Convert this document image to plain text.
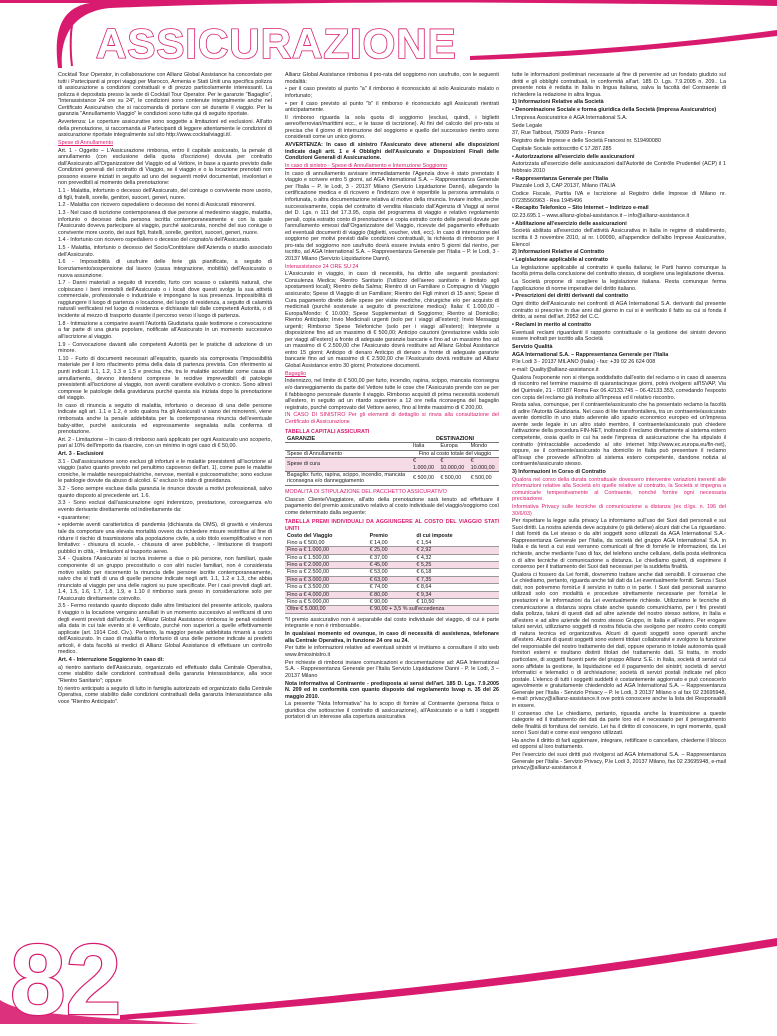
ASSICURAZIONE

Cocktail Tour Operator, in collaborazione con Allianz Global Assistance ha concordato per tutti i Partecipanti ai propri viaggi per Marocco, Armenia e Stati Uniti una specifica polizza di assicurazione a condizioni contrattuali e di prezzo particolarmente interessanti. La polizza è depositata presso la sede di Cocktail Tour Operator. Per le garanzie "Bagaglio", "Interassistance 24 ore su 24", le condizioni sono contenute integralmente anche nel Certificato Assicurativo che si raccomanda di portare con sé durante il viaggio. Per la garanzia "Annullamento Viaggio" le condizioni sono tutte qui di seguito riportate.

Avvertenza: Le coperture assicurative sono soggette a limitazioni ed esclusioni. All'atto della prenotazione, si raccomanda ai Partecipanti di leggere attentamente le condizioni di assicurazione riportate integralmente sul sito http://www.cocktailviaggi.it/.

Spese di Annullamento

Art. 1 - Oggetto – L'Assicurazione rimborsa, entro il capitale assicurato, la penale di annullamento (con esclusione della quota d'iscrizione) dovuta per contratto dall'Assicurato all'Organizzatore del Viaggio od al Vettore, in base a quanto previsto dalle Condizioni generali del contratto di Viaggio, se il viaggio e o la locazione prenotati non possono essere iniziati in seguito ad uno dei seguenti motivi documentati, involontari e non prevedibili al momento della prenotazione:

1.1 - Malattia, infortunio o decesso dell'Assicurato, del coniuge o convivente more uxorio, di figli, fratelli, sorelle, genitori, suoceri, generi, nuore.

1.2 - Malattia con ricovero ospedaliero o decesso dei nonni di Assicurati minorenni.

1.3 - Nel caso di iscrizione contemporanea di due persone al medesimo viaggio, malattia, infortunio o decesso della persona iscritta contemporaneamente e con la quale l'Assicurato doveva partecipare al viaggio, purché assicurata, nonché del suo coniuge o convivente more uxorio, dei suoi figli, fratelli, sorelle, genitori, suoceri, generi, nuore.

1.4 - Infortunio con ricovero ospedaliero o decesso del cognato/a dell'Assicurato.

1.5 - Malattia, infortunio o decesso del Socio/Contitolare dell'Azienda o studio associato dell'Assicurato.

1.6 - Impossibilità di usufruire delle ferie già pianificate, a seguito di licenziamento/sospensione dal lavoro (cassa integrazione, mobilità) dell'Assicurato o nuova assunzione.

1.7 - Danni materiali a seguito di incendio, furto con scasso o calamità naturali, che colpiscano i beni immobili dell'Assicurato o i locali dove questi svolge la sua attività commerciale, professionale o industriale e impongano la sua presenza. Impossibilità di raggiungere il luogo di partenza o locazione, del luogo di residenza, a seguito di calamità naturali verificatesi nel luogo di residenza e dichiarate tali dalle competenti Autorità, o di incidente al mezzo di trasporto durante il percorso verso il luogo di partenza.

1.8 - Intimazione a comparire avanti l'Autorità Giudiziaria quale testimone o convocazione a far parte di una giuria popolare, notificate all'Assicurato in un momento successivo all'iscrizione al viaggio.

1.9 - Convocazione davanti alle competenti Autorità per le pratiche di adozione di un minore.

1.10 - Furto di documenti necessari all'espatrio, quando sia comprovata l'impossibilità materiale per il loro rifacimento prima della data di partenza prevista. Con riferimento ai punti indicati 1.1, 1.2, 1.3 e 1.5 e precisa che, tra le malattie accettate come causa di annullamento, devono intendersi comprese le recidive imprevedibili di patologie preesistenti all'iscrizione al viaggio, non aventi carattere evolutivo o cronico. Sono altresì comprese le patologie della gravidanza purché questa sia iniziata dopo la prenotazione del viaggio.

In caso di rinuncia a seguito di malattia, infortunio o decesso di una delle persone indicate agli art. 1.1 e 1.2, è solo qualora fra gli Assicurati vi siano dei minorenni, viene rimborsata anche la penale addebitata per la contemporanea rinuncia dell'eventuale baby-sitter, purché assicurata ed espressamente segnalata sulla conferma di prenotazione.

Art. 2 - Limitazione – In caso di rimborso sarà applicato per ogni Assicurato uno scoperto, pari al 10% dell'importo da risarcire, con un minimo in ogni caso di € 50,00.

Art. 3 - Esclusioni

3.1 - Dall'assicurazione sono esclusi gli infortuni e le malattie preesistenti all'iscrizione al viaggio (salvo quanto previsto nel penultimo capoverso dell'art. 1), come pure le malattie croniche, le malattie neuropsichiatriche, nervose, mentali e psicosomatiche; sono escluse le patologie dovute da abuso di alcolici. E' escluso lo stato di gravidanza.

3.2 - Sono sempre escluse dalla garanzia le rinunce dovute a motivi professionali, salvo quanto disposto al precedente art. 1.6.

3.3 - Sono esclusi dall'assicurazione ogni indennizzo, prestazione, conseguenza e/o evento derivante direttamente od indirettamente da:

• quarantene;

• epidemie aventi caratteristica di pandemia (dichiarata da OMS), di gravità e virulenza tale da comportare una elevata mortalità ovvero da richiedere misure restrittive al fine di ridurre il rischio di trasmissione alla popolazione civile, a solo titolo esemplificativo e non limitativo: - chiusura di scuole, - chiusura di aree pubbliche, - limitazione di trasporti pubblici in città, - limitazioni al trasporto aereo.

3.4 - Qualora l'Assicurato si iscriva insieme a due o più persone, non familiari, quale componente di un gruppo precostituito o con altri nuclei familiari, non è considerata motivo valido per riscernento la rinuncia delle persone iscritte contemporaneamente, salvo che si tratti di una di quelle persone indicate negli artt. 1.1, 1.2 e 1.3, che abbia rinunciato al viaggio per una delle ragioni su pure specificate. Per i casi previsti dagli art. 1.4, 1.5, 1.6, 1.7, 1.8, 1.9, e 1.10 il rimborso sarà preso in considerazione solo per l'Assicurato direttamente coinvolto.

3.5 - Fermo restando quanto disposto dalle altre limitazioni del presente articolo, qualora il viaggio o la locazione vengano annullati in un momento successivo al verificarsi di uno degli eventi previsti dall'articolo 1, Allianz Global Assistance rimborsa le penali esistenti alla data in cui tale evento si è verificato, purché non superiori a quelle effettivamente applicate (art. 1914 Cod. Civ.). Pertanto, la maggior penale addebitata rimarrà a carico dell'Assicurato. In caso di malattia o infortunio di una delle persone indicate ai predetti articoli, è data facoltà ai medici di Allianz Global Assistance di effettuare un controllo medico.

Art. 4 - Interruzione Soggiorno In caso di:

a) rientro sanitario dell'Assicurato, organizzato ed effettuato dalla Centrale Operativa, come stabilito dalle condizioni contrattuali della garanzia Interassistance, alla voce "Rientro Sanitario"; oppure

b) rientro anticipato a seguito di lutto in famiglia autorizzato ed organizzato dalla Centrale Operativa, come stabilito dalle condizioni contrattuali della garanzia Interassistance alla voce "Rientro Anticipato".

Allianz Global Assistance rimborsa il pro-rata del soggiorno non usufruito, con le seguenti modalità:

• per il caso previsto al punto "a" il rimborso è riconosciuto al solo Assicurato malato o infortunato;

• per il caso previsto al punto "b" il rimborso è riconosciuto agli Assicurati rientrati anticipatamente.

Il rimborso riguarda la sola quota di soggiorno (esclusi, quindi, i biglietti aereo/ferroviari/marittimi ecc., e le tasse di iscrizione). Ai fini del calcolo del pro-rata si precisa che il giorno di interruzione del soggiorno e quello del successivo rientro sono considerati come un unico giorno.

AVVERTENZA: In caso di sinistro l'Assicurato deve attenersi alle disposizioni indicate dagli artt. 1 e 4 Obblighi dell'Assicurato e Disposizioni Finali delle Condizioni Generali di Assicurazione.

In caso di sinistro - Spese di Annullamento e Interruzione Soggiorno

In caso di annullamento avvisare immediatamente l'Agenzia dove è stato prenotato il viaggio e scrivere entro 5 giorni, ad AGA International S.A. – Rappresentanza Generale per l'Italia – P. le Lodi, 3 - 20137 Milano (Servizio Liquidazione Danni), allegando la certificazione medica e di ricovero e l'indirizzo ove è reperibile la persona ammalata o infortunata, o altra documentazione relativa al motivo della rinuncia. Inviare inoltre, anche successivamente, copia del contratto di vendita rilasciato dall'Agenzia di Viaggi ai sensi del D. Lgs. n 111 del 17.3.95, copia del programma di viaggio e relativo regolamento penali, copia estratto conto di prenotazione e copia estratto conto delle penali dovute per l'annullamento emessi dall'Organizzatore del Viaggio, ricevute del pagamento effettuato ed eventuali documenti di viaggio (biglietti, voucher, visti, ecc). In caso di interruzione del soggiorno per motivi previsti dalle condizioni contrattuali, la richiesta di rimborso per il pro-rata del soggiorno non usufruito dovrà essere inviata entro 5 giorni dal rientro, per iscritto, ad AGA International S.A. – Rappresentanza Generale per l'Italia – P. le Lodi, 3 - 20137 Milano (Servizio Liquidazione Danni).

Interassistance 24 ORE SU 24

L'Assicurato in viaggio, in caso di necessità, ha diritto alle seguenti prestazioni: Consulenza Medica; Rientro Sanitario (l'utilizzo dell'aereo sanitario è limitato agli spostamenti locali); Rientro della Salma; Rientro di un Familiare o Compagno di Viaggio assicurato; Spese di Viaggio di un Familiare; Rientro dei Figli minori di 15 anni; Spese di Cura pagamento diretto delle spese per visite mediche, chirurgiche e/o per acquisto di medicinali (purché sostenute a seguito di prescrizione medica): Italia: € 1.000,00 - Europa/Mondo: € 10.000; Spese Supplementari di Soggiorno; Rientro al Domicilio; Rientro Anticipato; Invio Medicinali urgenti (solo per i viaggi all'estero); Invio Messaggi urgenti; Rimborso Spese Telefoniche (solo per i viaggi all'estero); Interprete a disposizione fino ad un massimo di € 500,00; Anticipo cauzioni (prestazione valida solo per viaggi all'estero) a fronte di adeguate garanzie bancarie e fino ad un massimo fino ad un massimo di € 2.500,00 che l'Assicurato dovrà restituire ad Allianz Global Assistance entro 15 giorni; Anticipo di denaro Anticipo di denaro a fronte di adeguate garanzie bancarie fino ad un massimo di € 2.500,00 che l'Assicurato dovrà restituire ad Allianz Global Assistance entro 30 giorni; Protezione documenti.

Bagaglio

Indennizzo, nel limite di € 500,00 per furto, incendio, rapina, scippo, mancata riconsegna e/o danneggiamento da parte del Vettore tutte le cose che l'Assicurato prende con se per il fabbisogno personale durante il viaggio. Rimborso acquisti di prima necessità sostenuti all'estero, in seguito ad un ritardo superiore a 12 ore nella riconsegna del bagaglio registrato, purché comprovato del Vettore aereo, fino al limite massimo di € 200,00.

IN CASO DI SINISTRO Per gli elementi di dettaglio si rinvia alla consultazione del Certificato di Assicurazione

TABELLA CAPITALI ASSICURATI
GARANZIE	DESTINAZIONI		
	Italia	Europa	Mondo
Spese di Annullamento	Fino al costo totale del viaggio		
Spese di cura	€ 1.000,00	€ 10.000,00	€ 10.000,00
Bagaglio: furto, rapina, scippo, incendio, mancata riconsegna e/o danneggiamento	€ 500,00	€ 500,00	€ 500,00

MODALITÀ DI STIPULAZIONE DEL PACCHETTO ASSICURATIVO

Ciascun Cliente/Viaggiatore, all'atto della prenotazione sarà tenuto ad effettuare il pagamento del premio assicurativo relativo al costo individuale del viaggio/soggiorno così come determinato dalla seguente:

TABELLA PREMI INDIVIDUALI DA AGGIUNGERE AL COSTO DEL VIAGGIO STATI UNITI
Costo del Viaggio	Premio	di cui imposte
Fino a € 500,00	€ 14,00	€ 1,54
Fino a € 1.000,00	€ 25,00	€ 2,92
Fino a € 1.500,00	€ 37,00	€ 4,32
Fino a € 2.000,00	€ 45,00	€ 5,25
Fino a € 2.500,00	€ 53,00	€ 6,18
Fino a € 3.000,00	€ 63,00	€ 7,35
Fino a € 3.500,00	€ 74,00	€ 8,64
Fino a € 4.000,00	€ 80,00	€ 9,34
Fino a € 5.000,00	€ 90,00	€ 10,50
Oltre € 5.000,00	€ 90,00 + 3,5 % sull'eccedenza	

*Il premio assicurativo non è separabile dal costo individuale del viaggio, di cui è parte integrante e non è rimborsabile.

In qualsiasi momento ed ovunque, in caso di necessità di assistenza, telefonare alla Centrale Operativa, in funzione 24 ore su 24.

Per tutte le informazioni relative ad eventuali sinistri vi invitiamo a consultare il sito web www.ilmiosinistro.it

Per richieste di rimborsi inviare comunicazioni e documentazione ad: AGA International S.A. - Rappresentanza Generale per l'Italia Servizio Liquidazione Danni - P. le Lodi, 3 – 20137 Milano

Nota informativa al Contraente - predisposta ai sensi dell'art. 185 D. Lgs. 7.9.2005 N. 209 ed in conformità con quanto disposto dal regolamento Isvap n. 35 del 26 maggio 2010.

La presente "Nota Informativa" ha lo scopo di fornire al Contraente (persona fisica o giuridica che sottoscrive il contratto di assicurazione), all'Assicurato e a tutti i soggetti portatori di un interesse alla copertura assicurativa

tutte le informazioni preliminari necessarie al fine di pervenire ad un fondato giudizio sul diritti e gli obblighi contrattuali, in conformità all'art. 185 D. Lgs. 7.9.2005 n. 209.. La presente nota è redatta in Italia in lingua italiana, salva la facoltà del Contraente di richiedere la redazione in altra lingua.

1) Informazioni Relative alla Società

• Denominazione Sociale e forma giuridica della Società (Impresa Assicuratrice)

L'Impresa Assicuratrice è AGA International S.A.

Sede Legale

37, Rue Taitbout, 75009 Paris - France

Registro delle Imprese e delle Società Francesi nr. 519490080

Capitale Sociale sottoscritto € 17.287.285

• Autorizzazione all'esercizio delle assicurazioni

Autorizzata all'esercizio delle assicurazioni dall'Autorité de Contrôle Prudentiel (ACP) il 1 febbraio 2010

• Rappresentanza Generale per l'Italia

Piazzale Lodi 3, CAP 20137, Milano ITALIA

Codice Fiscale, Partita IVA e Iscrizione al Registro delle Imprese di Milano nr. 07235560963 - Rea 1945496

• Recapito Telefonico – Sito Internet – Indirizzo e-mail

02.23.695.1 – www.allianz-global-assistance.it – info@allianz-assistance.it

• Abilitazione all'esercizio delle assicurazioni

Società abilitata all'esercizio dell'attività Assicurativa in Italia in regime di stabilimento, iscritta il 3 novembre 2010, al nr. I.00090, all'appendice dell'albo Imprese Assicurative, Elencol

2) Informazioni Relative al Contratto

• Legislazione applicabile al contratto

La legislazione applicabile al contratto è quella italiana; le Parti hanno comunque la facoltà prima della conclusione del contratto stesso, di scegliere una legislazione diversa.

La Società propone di scegliere la legislazione italiana. Resta comunque ferma l'applicazione di norme imperative del diritto italiano.

• Prescrizioni dei diritti derivanti dal contratto

Ogni diritto dell'Assicurato nei confronti di AGA International S.A. derivanti dal presente contratto si prescrive in due anni dal giorno in cui si è verificato il fatto su cui si fonda il diritto, ai sensi dell'art. 2952 del C.C.

• Reclami in merito al contratto

Eventuali reclami riguardanti il rapporto contrattuale o la gestione dei sinistri devono essere inoltrati per iscritto alla Società

Servizio Qualità

AGA International S.A. – Rappresentanza Generale per l'Italia

P.le Lodi 3 - 20137 MILANO (Italia) - fax: +39 02 26 624 008

e-mail: Quality@allianz-assistance.it

Qualora l'esponente non si ritenga soddisfatto dall'esito del reclamo o in caso di assenza di riscontro nel termine massimo di quarantacinque giorni, potrà rivolgersi all'ISVAP, Via del Quirinale, 21 - 00187 Roma Fax 06.42133.745 – 06.42133.353, corredando l'esposto con copia del reclamo già inoltrato all'Impresa ed il relativo riscontro.

Resta salva, comunque, per il contraente/assicurato che ha presentato reclamo la facoltà di adire l'Autorità Giudiziaria. Nel caso di lite transfrontaliera, tra un contraente/assicurato avente domicilio in uno stato aderente allo spazio economico europeo ed un'impresa avente sede legale in un altro stato membro, il contraente/assicurato può chiedere l'attivazione della procedura FIN-NET, inoltrando il reclamo direttamente al sistema estero competente, ossia quello in cui ha sede l'impresa di assicurazione che ha stipulato il contratto (rintracciabile accedendo al sito internet http://www.ec.europa.eu/fin-net), oppure, se il contraente/assicurato ha domicilio in Italia può presentare il reclamo all'Isvap che provvede all'inoltro al sistema estero competente, dandone notizia al contraente/assicurato stesso.

3) Informazioni in Corso di Contratto

Qualora nel corso della durata contrattuale dovessero intervenire variazioni inerenti alle informazioni relative alla Società e/o quelle relative al contratto, la Società si impegna a comunicarle tempestivamente al Contraente, nonché fornire ogni necessaria precisazione.

Informativa Privacy sulle tecniche di comunicazione a distanza (ex d.lgs. n. 196 del 30/6/03)

Per rispettare la legge sulla privacy La informiamo sull'uso dei Suoi dati personali e sui Suoi diritti. La nostra azienda deve acquisire (o già detiene) alcuni dati che La riguardano. I dati forniti da Lei stesso o da altri soggetti sono utilizzati da AGA International S.A.-Rappresentanza Generale per l'Italia, da società del gruppo AGA International S.A. in Italia e da terzi a cui essi verranno comunicati al fine di fornirle le informazioni, da Lei richieste, anche mediante l'uso di fax, del telefono anche cellulare, della posta elettronica o di altre tecniche di comunicazione a distanza. Le chiediamo quindi, di esprimere il consenso per il trattamento dei Suoi dati necessari per la suddetta finalità.

Qualora ci fossero da Lei forniti, dovremmo trattare anche dati sensibili. Il consenso che Le chiediamo, pertanto, riguarda anche tali dati da Lei eventualmente forniti. Senza i Suoi dati, non potremmo fornirLe il servizio in tutto o in parte. I Suoi dati personali saranno utilizzati solo con modalità e procedure strettamente necessarie per fornirLe le prestazioni e le informazioni da Lei eventualmente richieste. Utilizziamo le tecniche di comunicazione a distanza sopra citate anche quando comunichiamo, per i fini previsti dalla polizza, taluni di questi dati ad altre aziende del nostro stesso settore, in Italia e all'estero e ad altre aziende del nostro stesso Gruppo, in Italia e all'estero. Per erogare taluni servizi, utilizziamo soggetti di nostra fiducia che svolgono per nostro conto compiti di natura tecnica ed organizzativa. Alcuni di questi soggetti sono operanti anche all'estero. Alcuni di questi soggetti sono esterni titolari collaborativi e svolgono la funzione del responsabile del nostro trattamento dei dati, oppure operano in totale autonomia quali fornitori esterni e risultano distinti titolari del trattamento dati. Si tratta, in modo particolare, di soggetti facenti parte del gruppo Allianz S.E.: in Italia, società di servizi cui sono affidate la gestione, la liquidazione ed il pagamento dei sinistri; società di servizi informatici e telematici o di archiviazione; società di servizi postali indicate nel plico postale. L'elenco di tutti i soggetti suddetti è costantemente aggiornato e può conoscerlo agevolmente e gratuitamente chiedendolo ad AGA International S.A. – Rappresentanza Generale per l'Italia - Servizio Privacy – P. le Lodi, 3 20137 Milano o al fax 02 23695948, e-mail: privacy@allianz-assistance.it ove potrà conoscere anche la lista dei Responsabili in essere.

Il consenso che Le chiediamo, pertanto, riguarda anche la trasmissione a queste categorie ed il trattamento dei dati da parte loro ed è necessario per il perseguimento delle finalità di fornitura del servizio. Lei ha il diritto di conoscere, in ogni momento, quali sono i Suoi dati e come essi vengono utilizzati.

Ha anche il diritto di farli aggiornare, integrare, rettificare o cancellare, chiederne il blocco ed opporsi al loro trattamento.

Per l'esercizio dei suoi diritti può rivolgersi ad AGA International S.A. – Rappresentanza Generale per l'Italia - Servizio Privacy, P.le Lodi 3, 20137 Milano, fax 02 23695948, e-mail privacy@allianz-assistance.it

82
